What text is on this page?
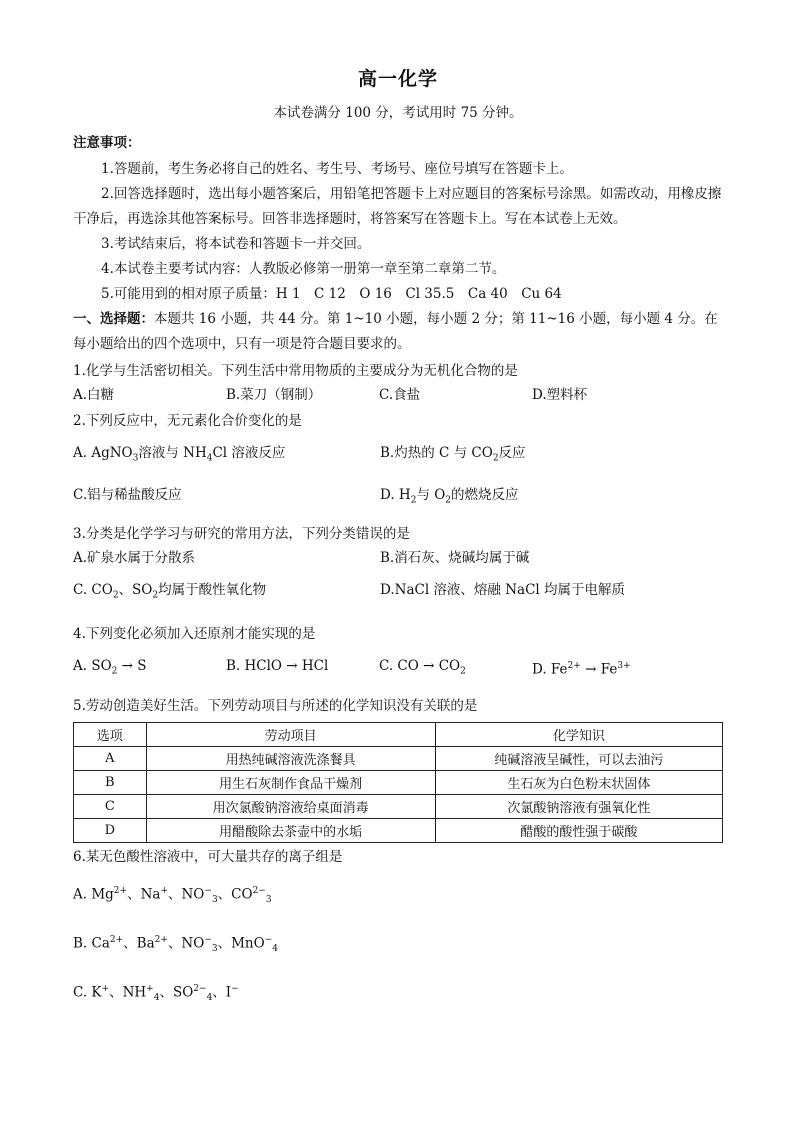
高一化学
本试卷满分 100 分，考试用时 75 分钟。
注意事项：
1.答题前，考生务必将自己的姓名、考生号、考场号、座位号填写在答题卡上。
2.回答选择题时，选出每小题答案后，用铅笔把答题卡上对应题目的答案标号涂黑。如需改动，用橡皮擦干净后，再选涂其他答案标号。回答非选择题时，将答案写在答题卡上。写在本试卷上无效。
3.考试结束后，将本试卷和答题卡一并交回。
4.本试卷主要考试内容：人教版必修第一册第一章至第二章第二节。
5.可能用到的相对原子质量：H 1　C 12　O 16　Cl 35.5　Ca 40　Cu 64
一、选择题：本题共 16 小题，共 44 分。第 1~10 小题，每小题 2 分；第 11~16 小题，每小题 4 分。在每小题给出的四个选项中，只有一项是符合题目要求的。
1.化学与生活密切相关。下列生活中常用物质的主要成分为无机化合物的是
A.白糖	B.菜刀（钢制）	C.食盐	D.塑料杯
2.下列反应中，无元素化合价变化的是
A. AgNO$_3$溶液与 $NH_4Cl$ 溶液反应	B.灼热的 C 与 $CO_2$反应
C.铝与稀盐酸反应	D. $H_2$与 $O_2$的燃烧反应
3.分类是化学学习与研究的常用方法，下列分类错误的是
A.矿泉水属于分散系	B.消石灰、烧碱均属于碱
C. $CO_2$、$SO_2$均属于酸性氧化物	D.NaCl 溶液、熔融 NaCl 均属于电解质
4.下列变化必须加入还原剂才能实现的是
A. $SO_2 \to S$	B. HClO → HCl	C. CO → $CO_2$	D. $Fe^{2+} \to Fe^{3+}$
5.劳动创造美好生活。下列劳动项目与所述的化学知识没有关联的是
选项	劳动项目	化学知识
A	用热纯碱溶液洗涤餐具	纯碱溶液呈碱性，可以去油污
B	用生石灰制作食品干燥剂	生石灰为白色粉末状固体
C	用次氯酸钠溶液给桌面消毒	次氯酸钠溶液有强氧化性
D	用醋酸除去茶壶中的水垢	醋酸的酸性强于碳酸
6.某无色酸性溶液中，可大量共存的离子组是
A. $Mg^{2+}$、Na+、$NO^-_3$、$CO^{2-}_3$
B. $Ca^{2+}$、$Ba^{2+}$、$NO^-_3$、MnO−$_4$
C. K+、$NH^+_4$、$SO^{2-}_4$、I−
